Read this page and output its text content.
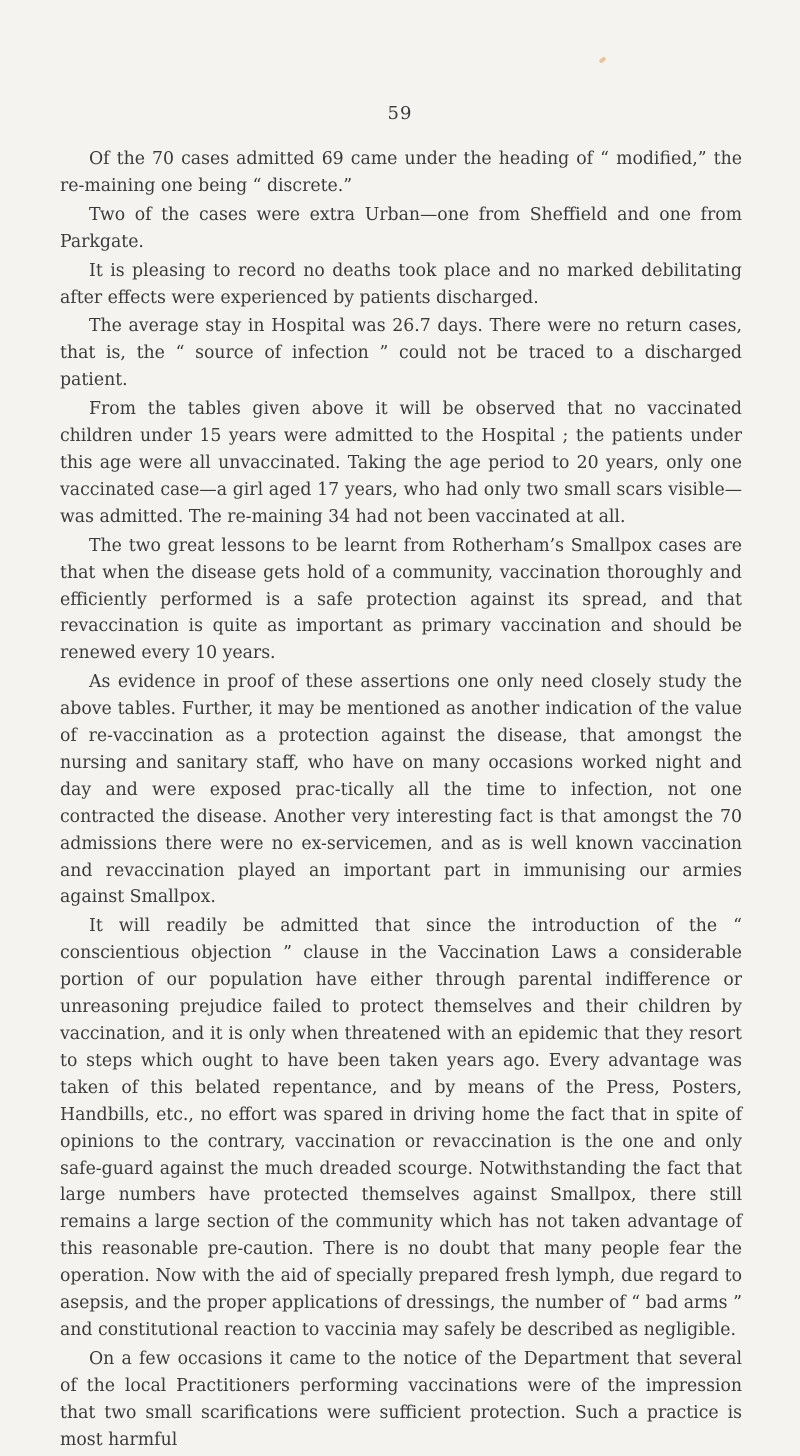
59

Of the 70 cases admitted 69 came under the heading of “ modified,” the re-maining one being “ discrete.”

Two of the cases were extra Urban—one from Sheffield and one from Parkgate.

It is pleasing to record no deaths took place and no marked debilitating after effects were experienced by patients discharged.

The average stay in Hospital was 26.7 days. There were no return cases, that is, the “ source of infection ” could not be traced to a discharged patient.

From the tables given above it will be observed that no vaccinated children under 15 years were admitted to the Hospital ; the patients under this age were all unvaccinated. Taking the age period to 20 years, only one vaccinated case—a girl aged 17 years, who had only two small scars visible—was admitted. The re-maining 34 had not been vaccinated at all.

The two great lessons to be learnt from Rotherham’s Smallpox cases are that when the disease gets hold of a community, vaccination thoroughly and efficiently performed is a safe protection against its spread, and that revaccination is quite as important as primary vaccination and should be renewed every 10 years.

As evidence in proof of these assertions one only need closely study the above tables. Further, it may be mentioned as another indication of the value of re-vaccination as a protection against the disease, that amongst the nursing and sanitary staff, who have on many occasions worked night and day and were exposed prac-tically all the time to infection, not one contracted the disease. Another very interesting fact is that amongst the 70 admissions there were no ex-servicemen, and as is well known vaccination and revaccination played an important part in immunising our armies against Smallpox.

It will readily be admitted that since the introduction of the “ conscientious objection ” clause in the Vaccination Laws a considerable portion of our population have either through parental indifference or unreasoning prejudice failed to protect themselves and their children by vaccination, and it is only when threatened with an epidemic that they resort to steps which ought to have been taken years ago. Every advantage was taken of this belated repentance, and by means of the Press, Posters, Handbills, etc., no effort was spared in driving home the fact that in spite of opinions to the contrary, vaccination or revaccination is the one and only safe-guard against the much dreaded scourge. Notwithstanding the fact that large numbers have protected themselves against Smallpox, there still remains a large section of the community which has not taken advantage of this reasonable pre-caution. There is no doubt that many people fear the operation. Now with the aid of specially prepared fresh lymph, due regard to asepsis, and the proper applications of dressings, the number of “ bad arms ” and constitutional reaction to vaccinia may safely be described as negligible.

On a few occasions it came to the notice of the Department that several of the local Practitioners performing vaccinations were of the impression that two small scarifications were sufficient protection. Such a practice is most harmful
